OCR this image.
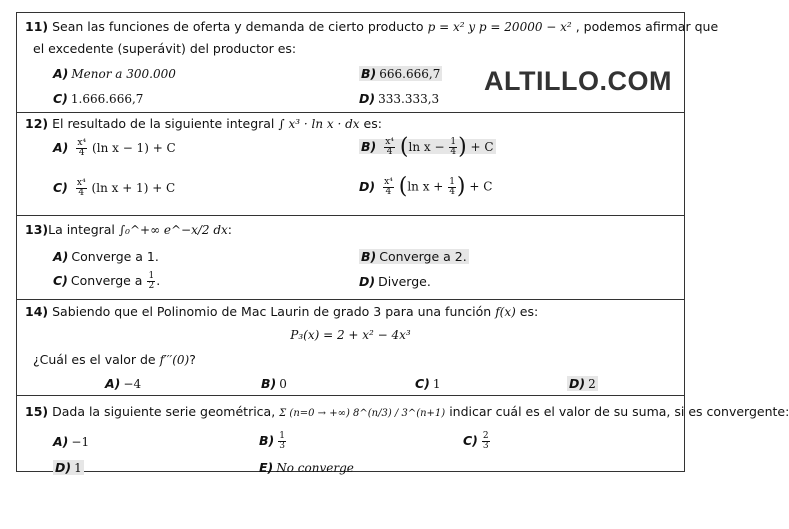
11) Sean las funciones de oferta y demanda de cierto producto p = x² y p = 20000 − x² , podemos afirmar que
el excedente (superávit) del productor es:
A) Menor a 300.000	B) 666.666,7
C) 1.666.666,7	D) 333.333,3
12) El resultado de la siguiente integral ∫ x³ · ln x · dx es:
$A) \frac{\text{x⁴}}{4} (\ln$ x − 1) + C	$B) \frac{\text{x⁴}}{4} (\ln$ $x - \frac{1}{4}$ ) + C
$C) \frac{\text{x⁴}}{4} (\ln$ x + 1) + C	$D) \frac{\text{x⁴}}{4} (\ln$ $x + \frac{1}{4}$ ) + C
13)La integral ∫₀^+∞ e^−x/2 dx:
A) Converge a 1.	B) Converge a 2.
C) Converge a $\frac{1}{2}$ .	D) Diverge.
14) Sabiendo que el Polinomio de Mac Laurin de grado 3 para una función f(x) es:
P₃(x) = 2 + x² − 4x³
¿Cuál es el valor de f′′′(0)?
A) −4	B) 0	C) 1	D) 2
15) Dada la siguiente serie geométrica, Σ (n=0 → +∞) 8^(n/3) / 3^(n+1) indicar cuál es el valor de su suma, si es convergente:
A) −1	$B) \frac{1}{3}$	$C) \frac{2}{3}$
D) 1	E) No converge
ALTILLO.COM
